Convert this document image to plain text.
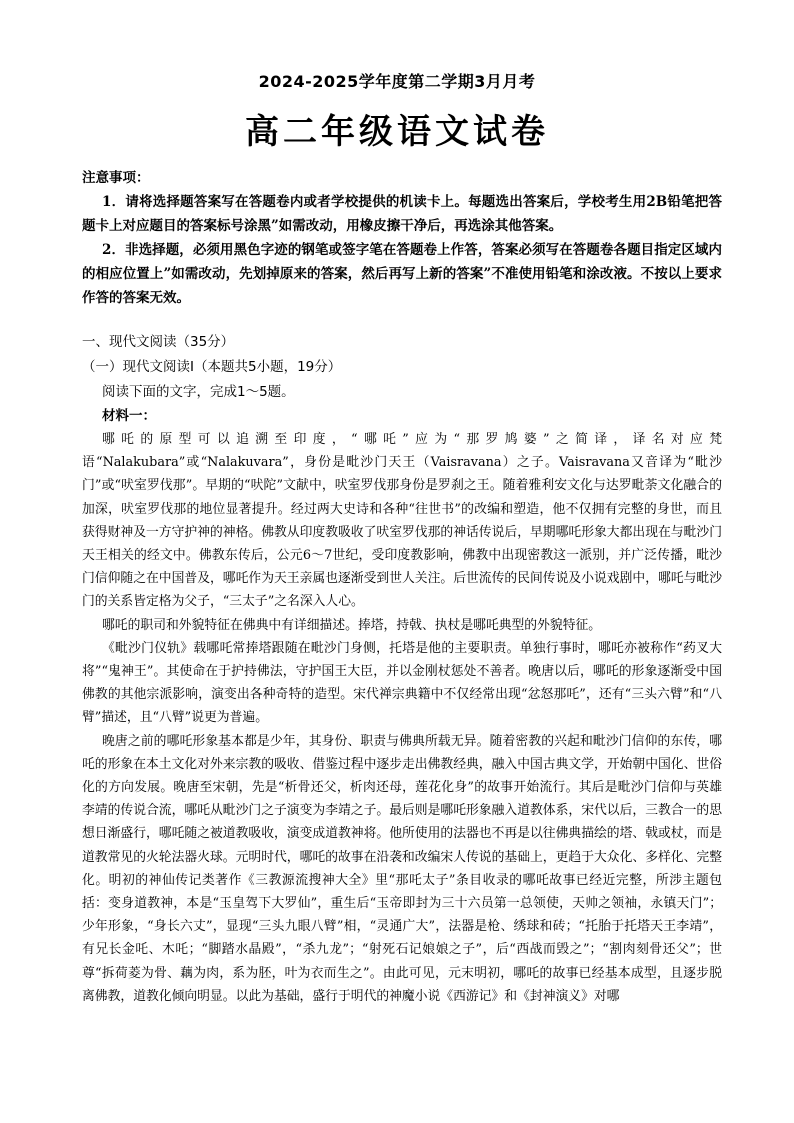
2024-2025学年度第二学期3月月考
高二年级语文试卷
注意事项：
1．请将选择题答案写在答题卷内或者学校提供的机读卡上。每题选出答案后，学校考生用2B铅笔把答题卡上对应题目的答案标号涂黑”如需改动，用橡皮擦干净后，再选涂其他答案。
2．非选择题，必须用黑色字迹的钢笔或签字笔在答题卷上作答，答案必须写在答题卷各题目指定区域内的相应位置上”如需改动，先划掉原来的答案，然后再写上新的答案”不准使用铅笔和涂改液。不按以上要求作答的答案无效。
一、现代文阅读（35分）
（一）现代文阅读Ⅰ（本题共5小题，19分）
阅读下面的文字，完成1～5题。
材料一：

哪吒的原型可以追溯至印度，“哪吒”应为“那罗鸠婆”之简译，译名对应梵语“Nalakubara”或“Nalakuvara”，身份是毗沙门天王（Vaisravana）之子。Vaisravana又音译为“毗沙门”或“吠室罗伐那”。早期的“吠陀”文献中，吠室罗伐那身份是罗刹之王。随着雅利安文化与达罗毗荼文化融合的加深，吠室罗伐那的地位显著提升。经过两大史诗和各种“往世书”的改编和塑造，他不仅拥有完整的身世，而且获得财神及一方守护神的神格。佛教从印度教吸收了吠室罗伐那的神话传说后，早期哪吒形象大都出现在与毗沙门天王相关的经文中。佛教东传后，公元6～7世纪，受印度教影响，佛教中出现密教这一派别，并广泛传播，毗沙门信仰随之在中国普及，哪吒作为天王亲属也逐渐受到世人关注。后世流传的民间传说及小说戏剧中，哪吒与毗沙门的关系皆定格为父子，“三太子”之名深入人心。

哪吒的职司和外貌特征在佛典中有详细描述。捧塔，持戟、执杖是哪吒典型的外貌特征。

《毗沙门仪轨》载哪吒常捧塔跟随在毗沙门身侧，托塔是他的主要职责。单独行事时，哪吒亦被称作“药叉大将”“鬼神王”。其使命在于护持佛法，守护国王大臣，并以金刚杖惩处不善者。晚唐以后，哪吒的形象逐渐受中国佛教的其他宗派影响，演变出各种奇特的造型。宋代禅宗典籍中不仅经常出现“忿怒那吒”，还有“三头六臂”和“八臂”描述，且“八臂”说更为普遍。

晚唐之前的哪吒形象基本都是少年，其身份、职责与佛典所载无异。随着密教的兴起和毗沙门信仰的东传，哪吒的形象在本土文化对外来宗教的吸收、借鉴过程中逐步走出佛教经典，融入中国古典文学，开始朝中国化、世俗化的方向发展。晚唐至宋朝，先是“析骨还父，析肉还母，莲花化身”的故事开始流行。其后是毗沙门信仰与英雄李靖的传说合流，哪吒从毗沙门之子演变为李靖之子。最后则是哪吒形象融入道教体系，宋代以后，三教合一的思想日渐盛行，哪吒随之被道教吸收，演变成道教神将。他所使用的法器也不再是以往佛典描绘的塔、戟或杖，而是道教常见的火轮法器火球。元明时代，哪吒的故事在沿袭和改编宋人传说的基础上，更趋于大众化、多样化、完整化。明初的神仙传记类著作《三教源流搜神大全》里“那吒太子”条目收录的哪吒故事已经近完整，所涉主题包括：变身道教神，本是“玉皇驾下大罗仙”，重生后“玉帝即封为三十六员第一总领使，天帅之领袖，永镇天门”；少年形象，“身长六丈”，显现“三头九眼八臂”相，“灵通广大”，法器是枪、绣球和砖；“托胎于托塔天王李靖”，有兄长金吒、木吒；“脚踏水晶殿”，“杀九龙”；“射死石记娘娘之子”，后“西战而毁之”；“割肉刻骨还父”；世尊“拆荷菱为骨、藕为肉，系为胚，叶为衣而生之”。由此可见，元末明初，哪吒的故事已经基本成型，且逐步脱离佛教，道教化倾向明显。以此为基础，盛行于明代的神魔小说《西游记》和《封神演义》对哪
